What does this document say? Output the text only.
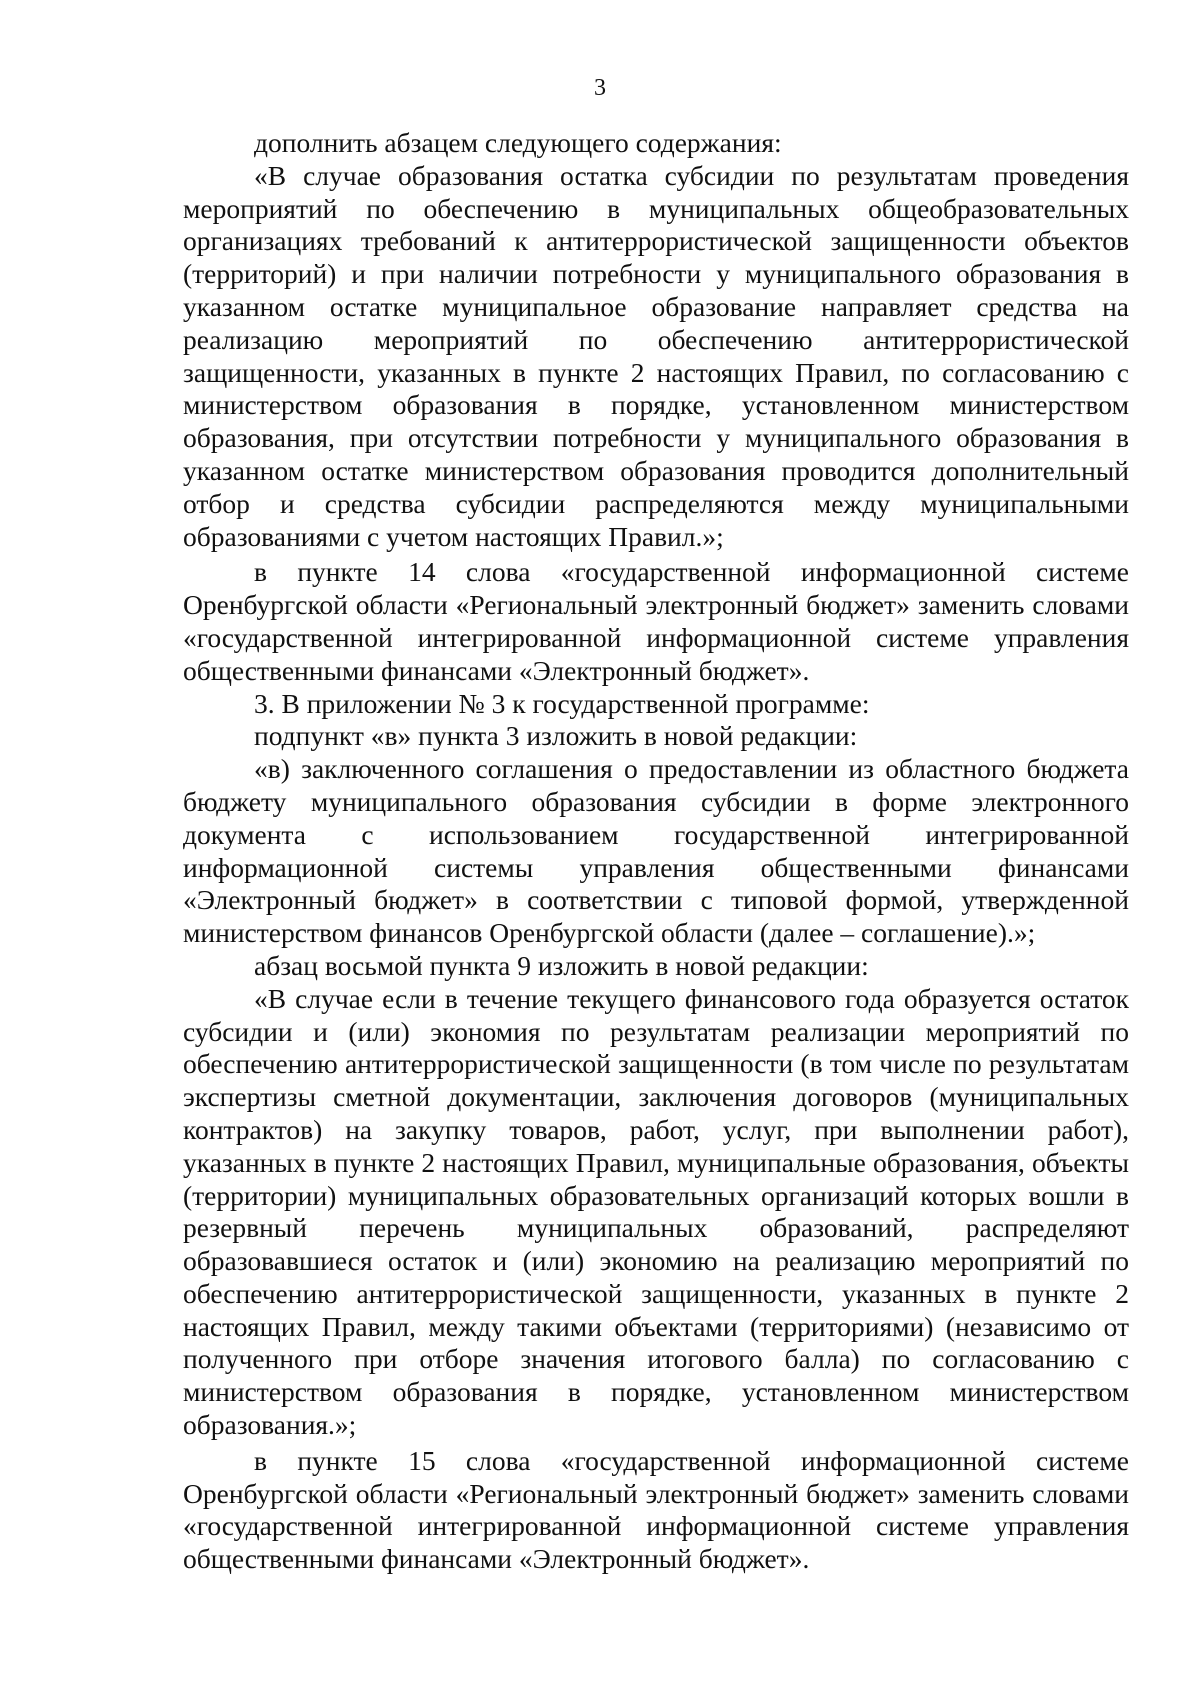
3

дополнить абзацем следующего содержания:

«В случае образования остатка субсидии по результатам проведения мероприятий по обеспечению в муниципальных общеобразовательных организациях требований к антитеррористической защищенности объектов (территорий) и при наличии потребности у муниципального образования в указанном остатке муниципальное образование направляет средства на реализацию мероприятий по обеспечению антитеррористической защищенности, указанных в пункте 2 настоящих Правил, по согласованию с министерством образования в порядке, установленном министерством образования, при отсутствии потребности у муниципального образования в указанном остатке министерством образования проводится дополнительный отбор и средства субсидии распределяются между муниципальными образованиями с учетом настоящих Правил.»;

в пункте 14 слова «государственной информационной системе Оренбургской области «Региональный электронный бюджет» заменить словами «государственной интегрированной информационной системе управления общественными финансами «Электронный бюджет».

3. В приложении № 3 к государственной программе:

подпункт «в» пункта 3 изложить в новой редакции:

«в) заключенного соглашения о предоставлении из областного бюджета бюджету муниципального образования субсидии в форме электронного документа с использованием государственной интегрированной информационной системы управления общественными финансами «Электронный бюджет» в соответствии с типовой формой, утвержденной министерством финансов Оренбургской области (далее – соглашение).»;

абзац восьмой пункта 9 изложить в новой редакции:

«В случае если в течение текущего финансового года образуется остаток субсидии и (или) экономия по результатам реализации мероприятий по обеспечению антитеррористической защищенности (в том числе по результатам экспертизы сметной документации, заключения договоров (муниципальных контрактов) на закупку товаров, работ, услуг, при выполнении работ), указанных в пункте 2 настоящих Правил, муниципальные образования, объекты (территории) муниципальных образовательных организаций которых вошли в резервный перечень муниципальных образований, распределяют образовавшиеся остаток и (или) экономию на реализацию мероприятий по обеспечению антитеррористической защищенности, указанных в пункте 2 настоящих Правил, между такими объектами (территориями) (независимо от полученного при отборе значения итогового балла) по согласованию с министерством образования в порядке, установленном министерством образования.»;

в пункте 15 слова «государственной информационной системе Оренбургской области «Региональный электронный бюджет» заменить словами «государственной интегрированной информационной системе управления общественными финансами «Электронный бюджет».
